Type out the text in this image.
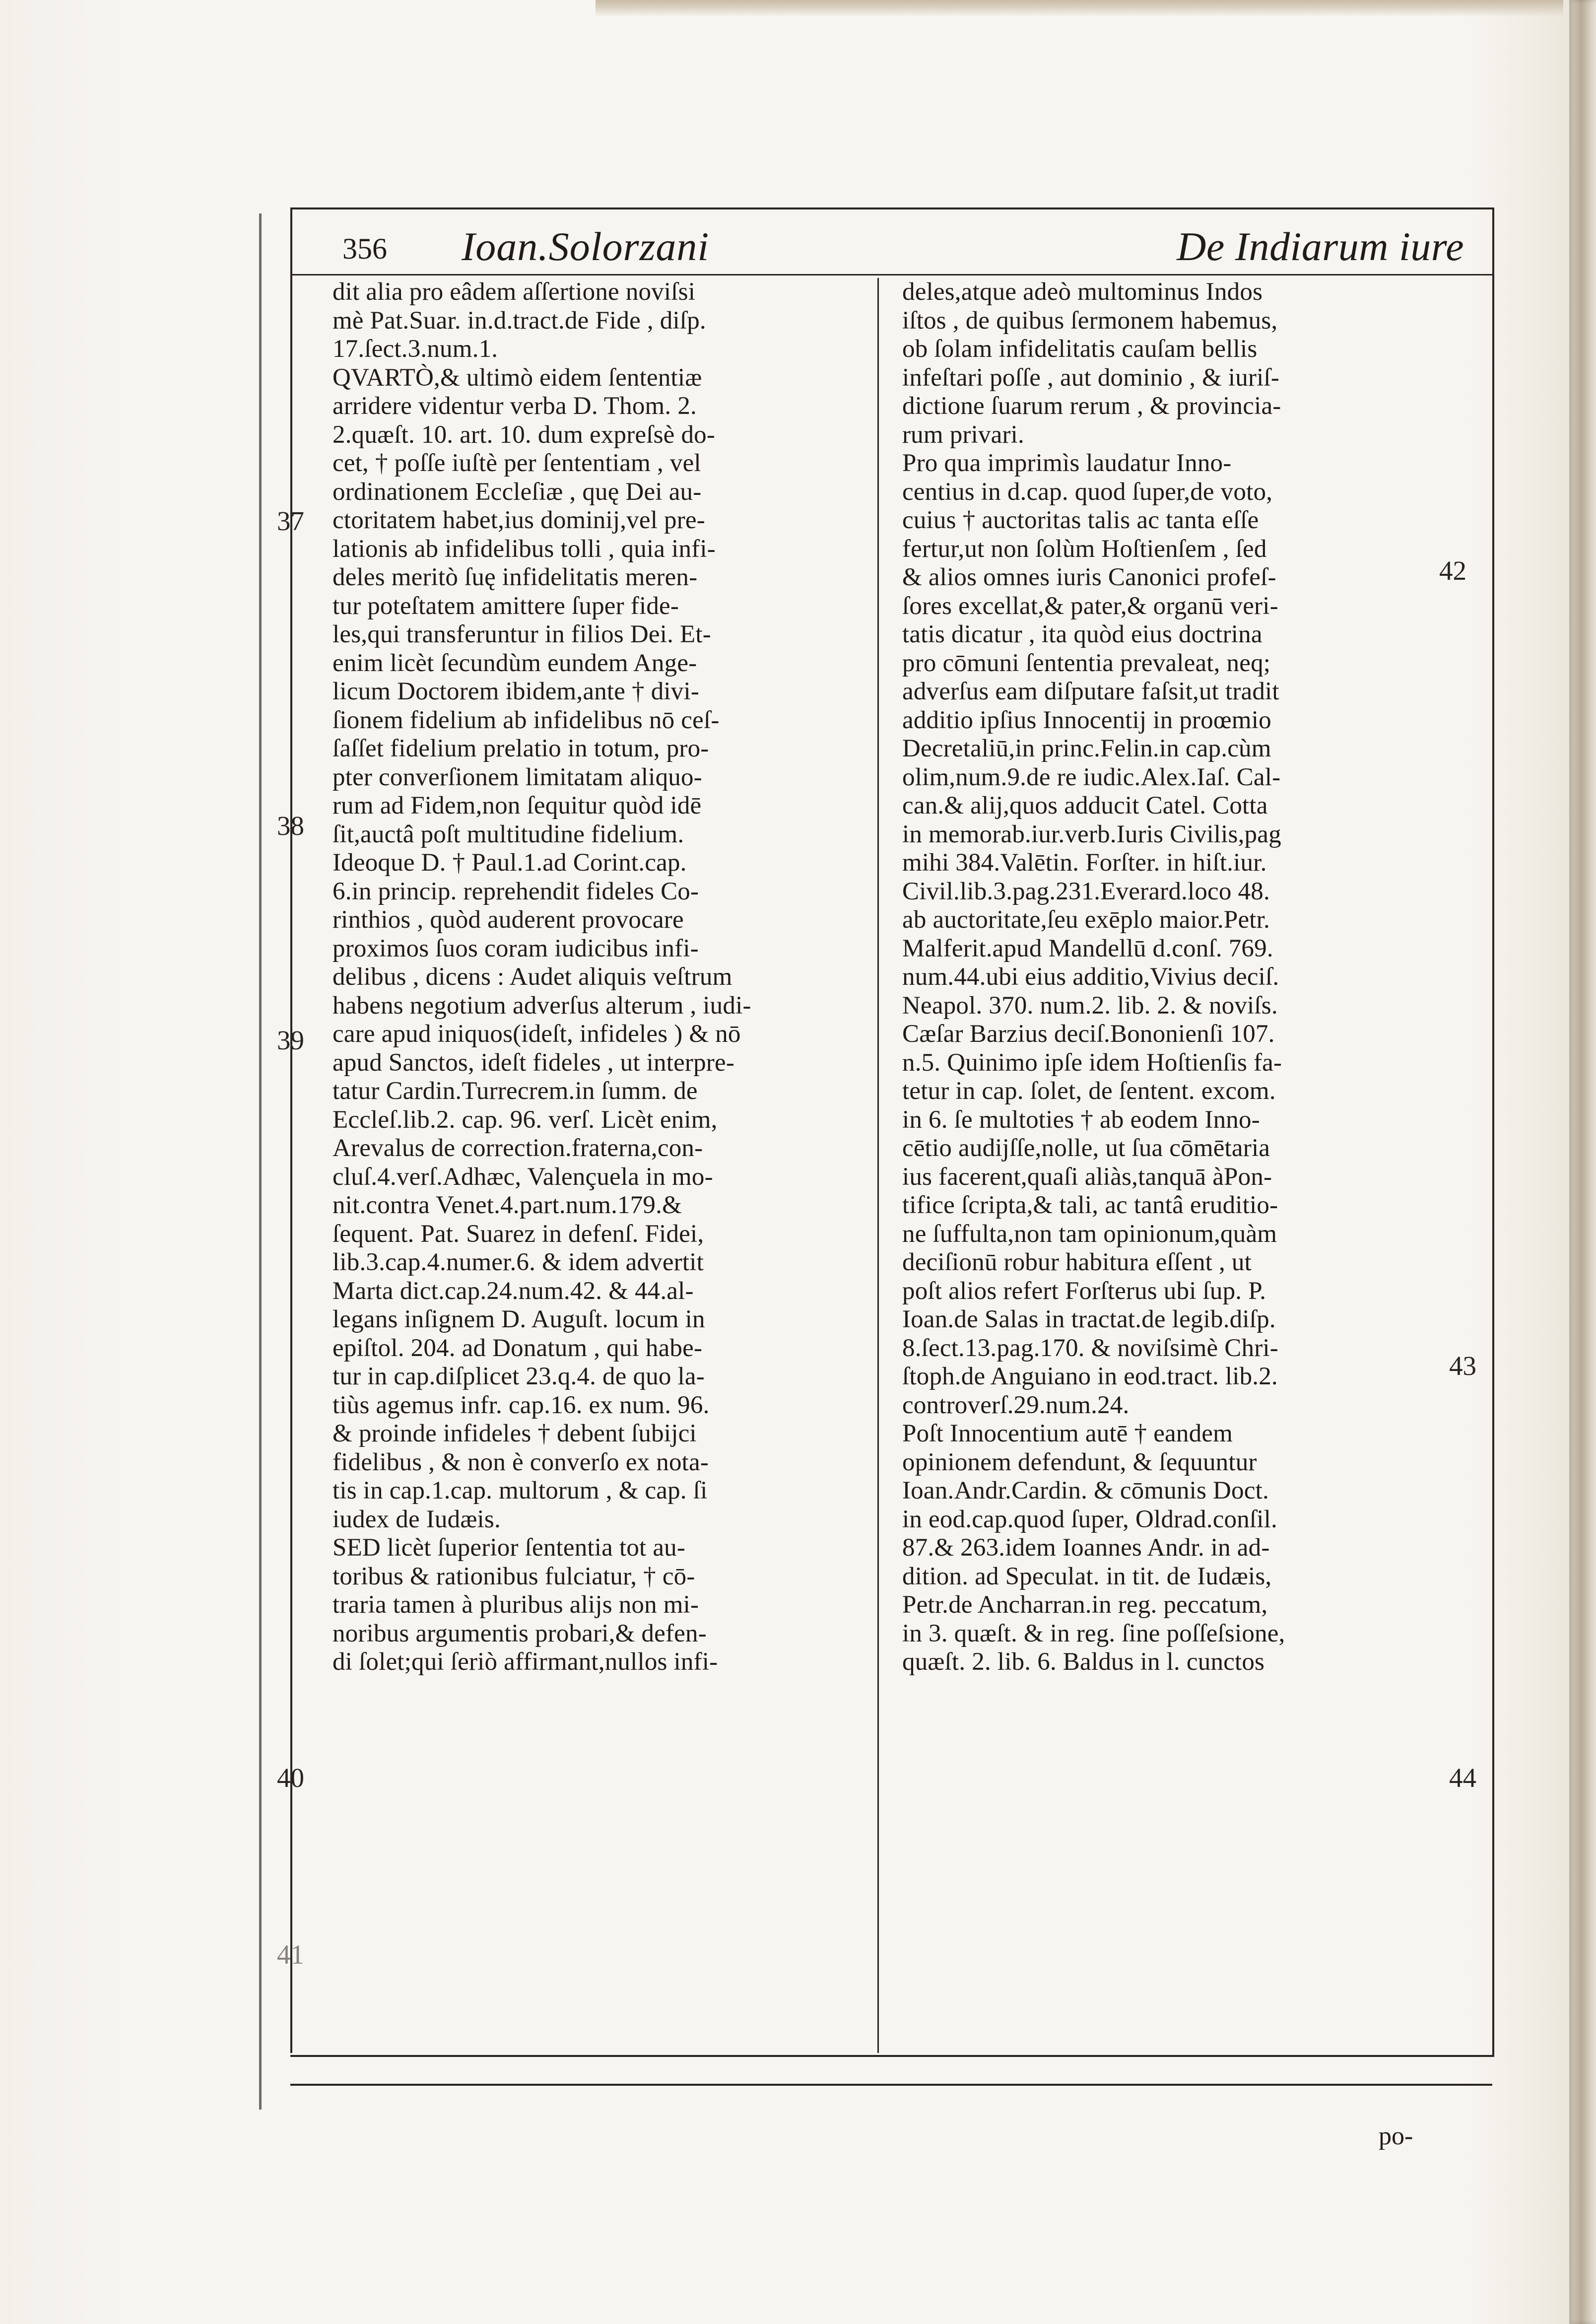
356	Ioan.Solorzani	De Indiarum iure
dit alia pro eâdem aſſertione noviſsi
mè Pat.Suar. in.d.tract.de Fide , diſp.
17.ſect.3.num.1.
QVARTÒ,& ultimò eidem ſententiæ
arridere videntur verba D. Thom. 2.
2.quæſt. 10. art. 10. dum expreſsè do-
cet, † poſſe iuſtè per ſententiam , vel
ordinationem Eccleſiæ , quę Dei au-
ctoritatem habet,ius dominij,vel pre-
lationis ab infidelibus tolli , quia infi-
deles meritò ſuę infidelitatis meren-
tur poteſtatem amittere ſuper fide-
les,qui transferuntur in filios Dei. Et-
enim licèt ſecundùm eundem Ange-
licum Doctorem ibidem,ante † divi-
ſionem fidelium ab infidelibus nō ceſ-
ſaſſet fidelium prelatio in totum, pro-
pter converſionem limitatam aliquo-
rum ad Fidem,non ſequitur quòd idē
ſit,auctâ poſt multitudine fidelium.
Ideoque D. † Paul.1.ad Corint.cap.
6.in princip. reprehendit fideles Co-
rinthios , quòd auderent provocare
proximos ſuos coram iudicibus infi-
delibus , dicens : Audet aliquis veſtrum
habens negotium adverſus alterum , iudi-
care apud iniquos(ideſt, infideles ) & nō
apud Sanctos, ideſt fideles , ut interpre-
tatur Cardin.Turrecrem.in ſumm. de
Eccleſ.lib.2. cap. 96. verſ. Licèt enim,
Arevalus de correction.fraterna,con-
cluſ.4.verſ.Adhæc, Valençuela in mo-
nit.contra Venet.4.part.num.179.&
ſequent. Pat. Suarez in defenſ. Fidei,
lib.3.cap.4.numer.6. & idem advertit
Marta dict.cap.24.num.42. & 44.al-
legans inſignem D. Auguſt. locum in
epiſtol. 204. ad Donatum , qui habe-
tur in cap.diſplicet 23.q.4. de quo la-
tiùs agemus infr. cap.16. ex num. 96.
& proinde infideles † debent ſubijci
fidelibus , & non è converſo ex nota-
tis in cap.1.cap. multorum , & cap. ſi
iudex de Iudæis.
SED licèt ſuperior ſententia tot au-
toribus & rationibus fulciatur, † cō-
traria tamen à pluribus alijs non mi-
noribus argumentis probari,& defen-
di ſolet;qui ſeriò affirmant,nullos infi-
deles,atque adeò multominus Indos
iſtos , de quibus ſermonem habemus,
ob ſolam infidelitatis cauſam bellis
infeſtari poſſe , aut dominio , & iuriſ-
dictione ſuarum rerum , & provincia-
rum privari.
Pro qua imprimìs laudatur Inno-
centius in d.cap. quod ſuper,de voto,
cuius † auctoritas talis ac tanta eſſe
fertur,ut non ſolùm Hoſtienſem , ſed
& alios omnes iuris Canonici profeſ-
ſores excellat,& pater,& organū veri-
tatis dicatur , ita quòd eius doctrina
pro cōmuni ſententia prevaleat, neq;
adverſus eam diſputare faſsit,ut tradit
additio ipſius Innocentij in proœmio
Decretaliū,in princ.Felin.in cap.cùm
olim,num.9.de re iudic.Alex.Iaſ. Cal-
can.& alij,quos adducit Catel. Cotta
in memorab.iur.verb.Iuris Civilis,pag
mihi 384.Valētin. Forſter. in hiſt.iur.
Civil.lib.3.pag.231.Everard.loco 48.
ab auctoritate,ſeu exēplo maior.Petr.
Malferit.apud Mandellū d.conſ. 769.
num.44.ubi eius additio,Vivius deciſ.
Neapol. 370. num.2. lib. 2. & noviſs.
Cæſar Barzius deciſ.Bononienſi 107.
n.5. Quinimo ipſe idem Hoſtienſis fa-
tetur in cap. ſolet, de ſentent. excom.
in 6. ſe multoties † ab eodem Inno-
cētio audijſſe,nolle, ut ſua cōmētaria
ius facerent,quaſi aliàs,tanquā àPon-
tifice ſcripta,& tali, ac tantâ eruditio-
ne ſuffulta,non tam opinionum,quàm
deciſionū robur habitura eſſent , ut
poſt alios refert Forſterus ubi ſup. P.
Ioan.de Salas in tractat.de legib.diſp.
8.ſect.13.pag.170. & noviſsimè Chri-
ſtoph.de Anguiano in eod.tract. lib.2.
controverſ.29.num.24.
Poſt Innocentium autē † eandem
opinionem defendunt, & ſequuntur
Ioan.Andr.Cardin. & cōmunis Doct.
in eod.cap.quod ſuper, Oldrad.conſil.
87.& 263.idem Ioannes Andr. in ad-
dition. ad Speculat. in tit. de Iudæis,
Petr.de Ancharran.in reg. peccatum,
in 3. quæſt. & in reg. ſine poſſeſsione,
quæſt. 2. lib. 6. Baldus in l. cunctos
37
38
39
40
41
42
43
44
po-
